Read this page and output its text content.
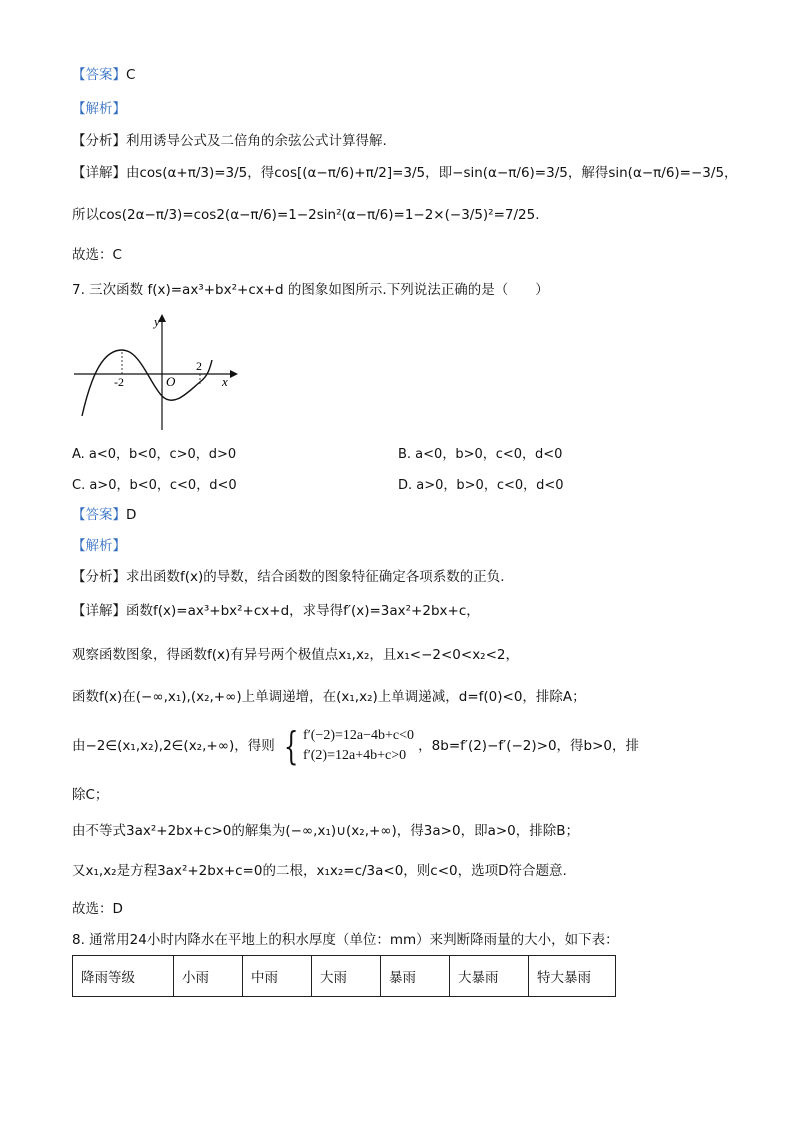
【答案】C
【解析】
【分析】利用诱导公式及二倍角的余弦公式计算得解.
【详解】由cos(α+π/3)=3/5，得cos[(α−π/6)+π/2]=3/5，即−sin(α−π/6)=3/5，解得sin(α−π/6)=−3/5，
所以cos(2α−π/3)=cos2(α−π/6)=1−2sin²(α−π/6)=1−2×(−3/5)²=7/25.
故选：C
7. 三次函数 f(x)=ax³+bx²+cx+d 的图象如图所示.下列说法正确的是（　　）
y
x
O
-2
2
A. a<0，b<0，c>0，d>0	B. a<0，b>0，c<0，d<0
C. a>0，b<0，c<0，d<0	D. a>0，b>0，c<0，d<0
【答案】D
【解析】
【分析】求出函数f(x)的导数，结合函数的图象特征确定各项系数的正负.
【详解】函数f(x)=ax³+bx²+cx+d，求导得f′(x)=3ax²+2bx+c，
观察函数图象，得函数f(x)有异号两个极值点x₁,x₂，且x₁<−2<0<x₂<2，
函数f(x)在(−∞,x₁),(x₂,+∞)上单调递增，在(x₁,x₂)上单调递减，d=f(0)<0，排除A；
由−2∈(x₁,x₂),2∈(x₂,+∞)，得则 { f′(−2)=12a−4b+c<0
f′(2)=12a+4b+c>0
，8b=f′(2)−f′(−2)>0，得b>0，排
除C；
由不等式3ax²+2bx+c>0的解集为(−∞,x₁)∪(x₂,+∞)，得3a>0，即a>0，排除B；
又x₁,x₂是方程3ax²+2bx+c=0的二根，x₁x₂=c/3a<0，则c<0，选项D符合题意.
故选：D
8. 通常用24小时内降水在平地上的积水厚度（单位：mm）来判断降雨量的大小，如下表：
降雨等级	小雨	中雨	大雨	暴雨	大暴雨	特大暴雨
